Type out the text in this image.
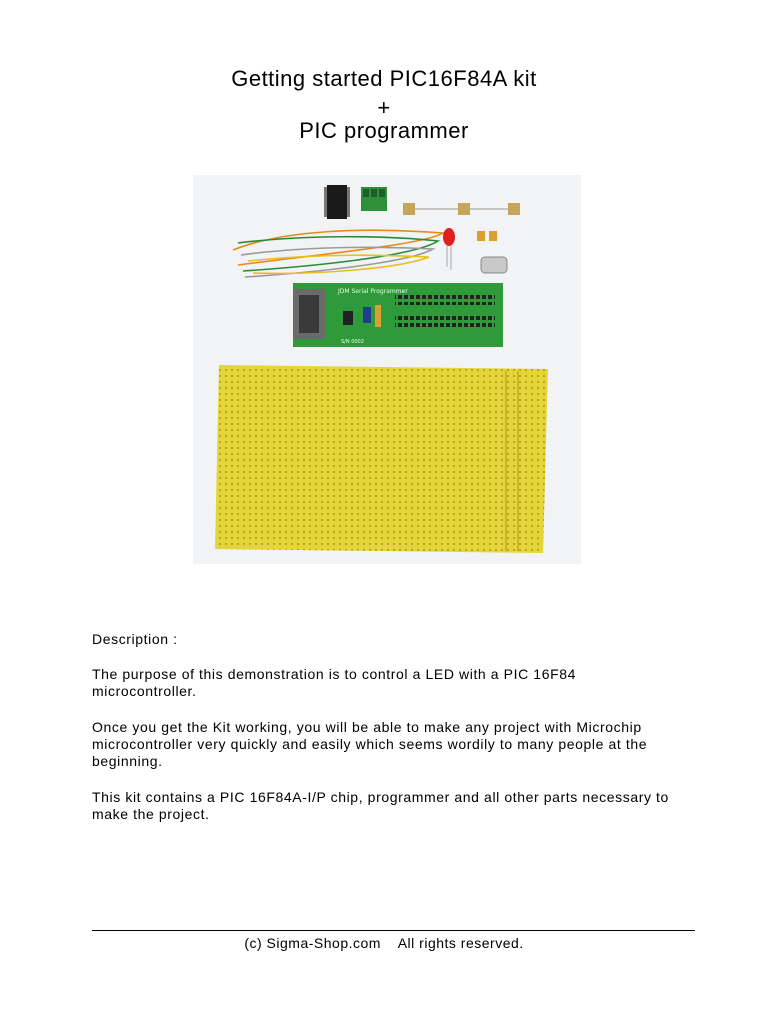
Getting started PIC16F84A kit
+
PIC programmer
JDM Serial Programmer
S/N 0002
Description :
The purpose of this demonstration is to control a LED with a PIC 16F84 microcontroller.
Once you get the Kit working, you will be able to make any project with Microchip microcontroller very quickly and easily which seems wordily to many people at the beginning.
This kit contains a PIC 16F84A-I/P chip, programmer and all other parts necessary to make the project.
(c) Sigma-Shop.com    All rights reserved.
